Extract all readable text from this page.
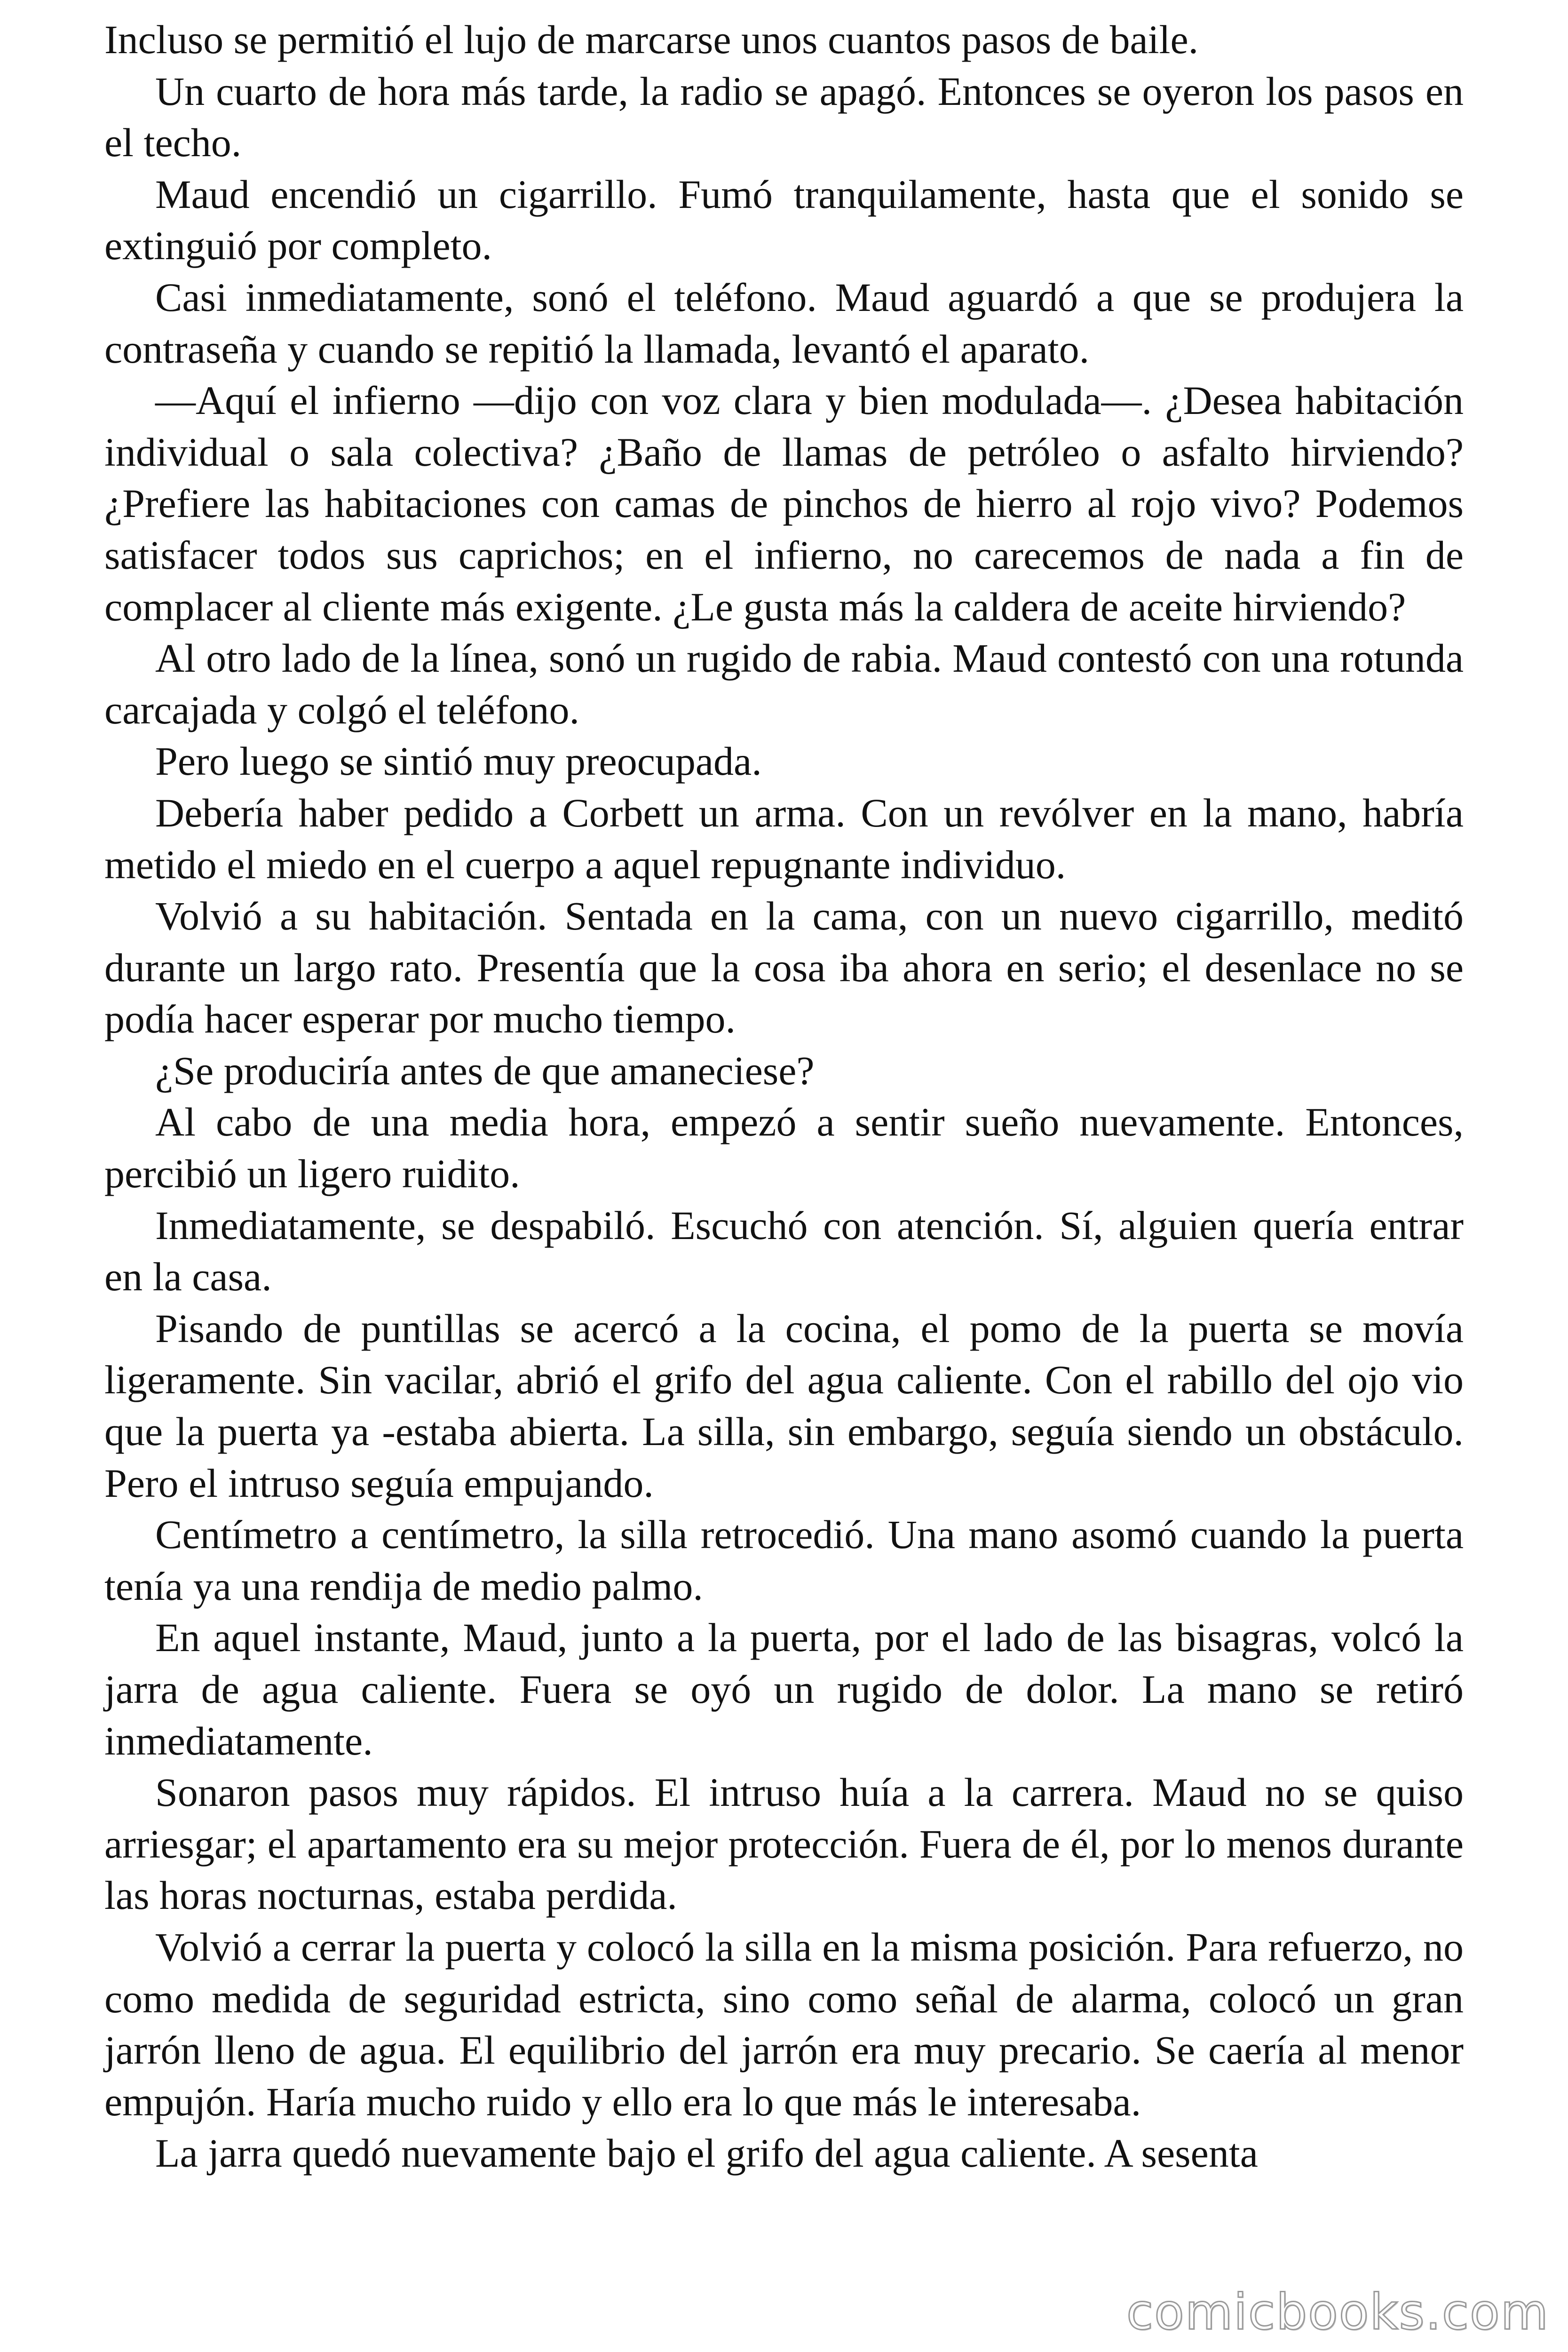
Incluso se permitió el lujo de marcarse unos cuantos pasos de baile.

Un cuarto de hora más tarde, la radio se apagó. Entonces se oyeron los pasos en el techo.

Maud encendió un cigarrillo. Fumó tranquilamente, hasta que el sonido se extinguió por completo.

Casi inmediatamente, sonó el teléfono. Maud aguardó a que se produjera la contraseña y cuando se repitió la llamada, levantó el aparato.

—Aquí el infierno —dijo con voz clara y bien modulada—. ¿Desea habitación individual o sala colectiva? ¿Baño de llamas de petróleo o asfalto hirviendo? ¿Prefiere las habitaciones con camas de pinchos de hierro al rojo vivo? Podemos satisfacer todos sus caprichos; en el infierno, no carecemos de nada a fin de complacer al cliente más exigente. ¿Le gusta más la caldera de aceite hirviendo?

Al otro lado de la línea, sonó un rugido de rabia. Maud contestó con una rotunda carcajada y colgó el teléfono.

Pero luego se sintió muy preocupada.

Debería haber pedido a Corbett un arma. Con un revólver en la mano, habría metido el miedo en el cuerpo a aquel repugnante individuo.

Volvió a su habitación. Sentada en la cama, con un nuevo cigarrillo, meditó durante un largo rato. Presentía que la cosa iba ahora en serio; el desenlace no se podía hacer esperar por mucho tiempo.

¿Se produciría antes de que amaneciese?

Al cabo de una media hora, empezó a sentir sueño nuevamente. Entonces, percibió un ligero ruidito.

Inmediatamente, se despabiló. Escuchó con atención. Sí, alguien quería entrar en la casa.

Pisando de puntillas se acercó a la cocina, el pomo de la puerta se movía ligeramente. Sin vacilar, abrió el grifo del agua caliente. Con el rabillo del ojo vio que la puerta ya -estaba abierta. La silla, sin embargo, seguía siendo un obstáculo. Pero el intruso seguía empujando.

Centímetro a centímetro, la silla retrocedió. Una mano asomó cuando la puerta tenía ya una rendija de medio palmo.

En aquel instante, Maud, junto a la puerta, por el lado de las bisagras, volcó la jarra de agua caliente. Fuera se oyó un rugido de dolor. La mano se retiró inmediatamente.

Sonaron pasos muy rápidos. El intruso huía a la carrera. Maud no se quiso arriesgar; el apartamento era su mejor protección. Fuera de él, por lo menos durante las horas nocturnas, estaba perdida.

Volvió a cerrar la puerta y colocó la silla en la misma posición. Para refuerzo, no como medida de seguridad estricta, sino como señal de alarma, colocó un gran jarrón lleno de agua. El equilibrio del jarrón era muy precario. Se caería al menor empujón. Haría mucho ruido y ello era lo que más le interesaba.

La jarra quedó nuevamente bajo el grifo del agua caliente. A sesenta

comicbooks.com
